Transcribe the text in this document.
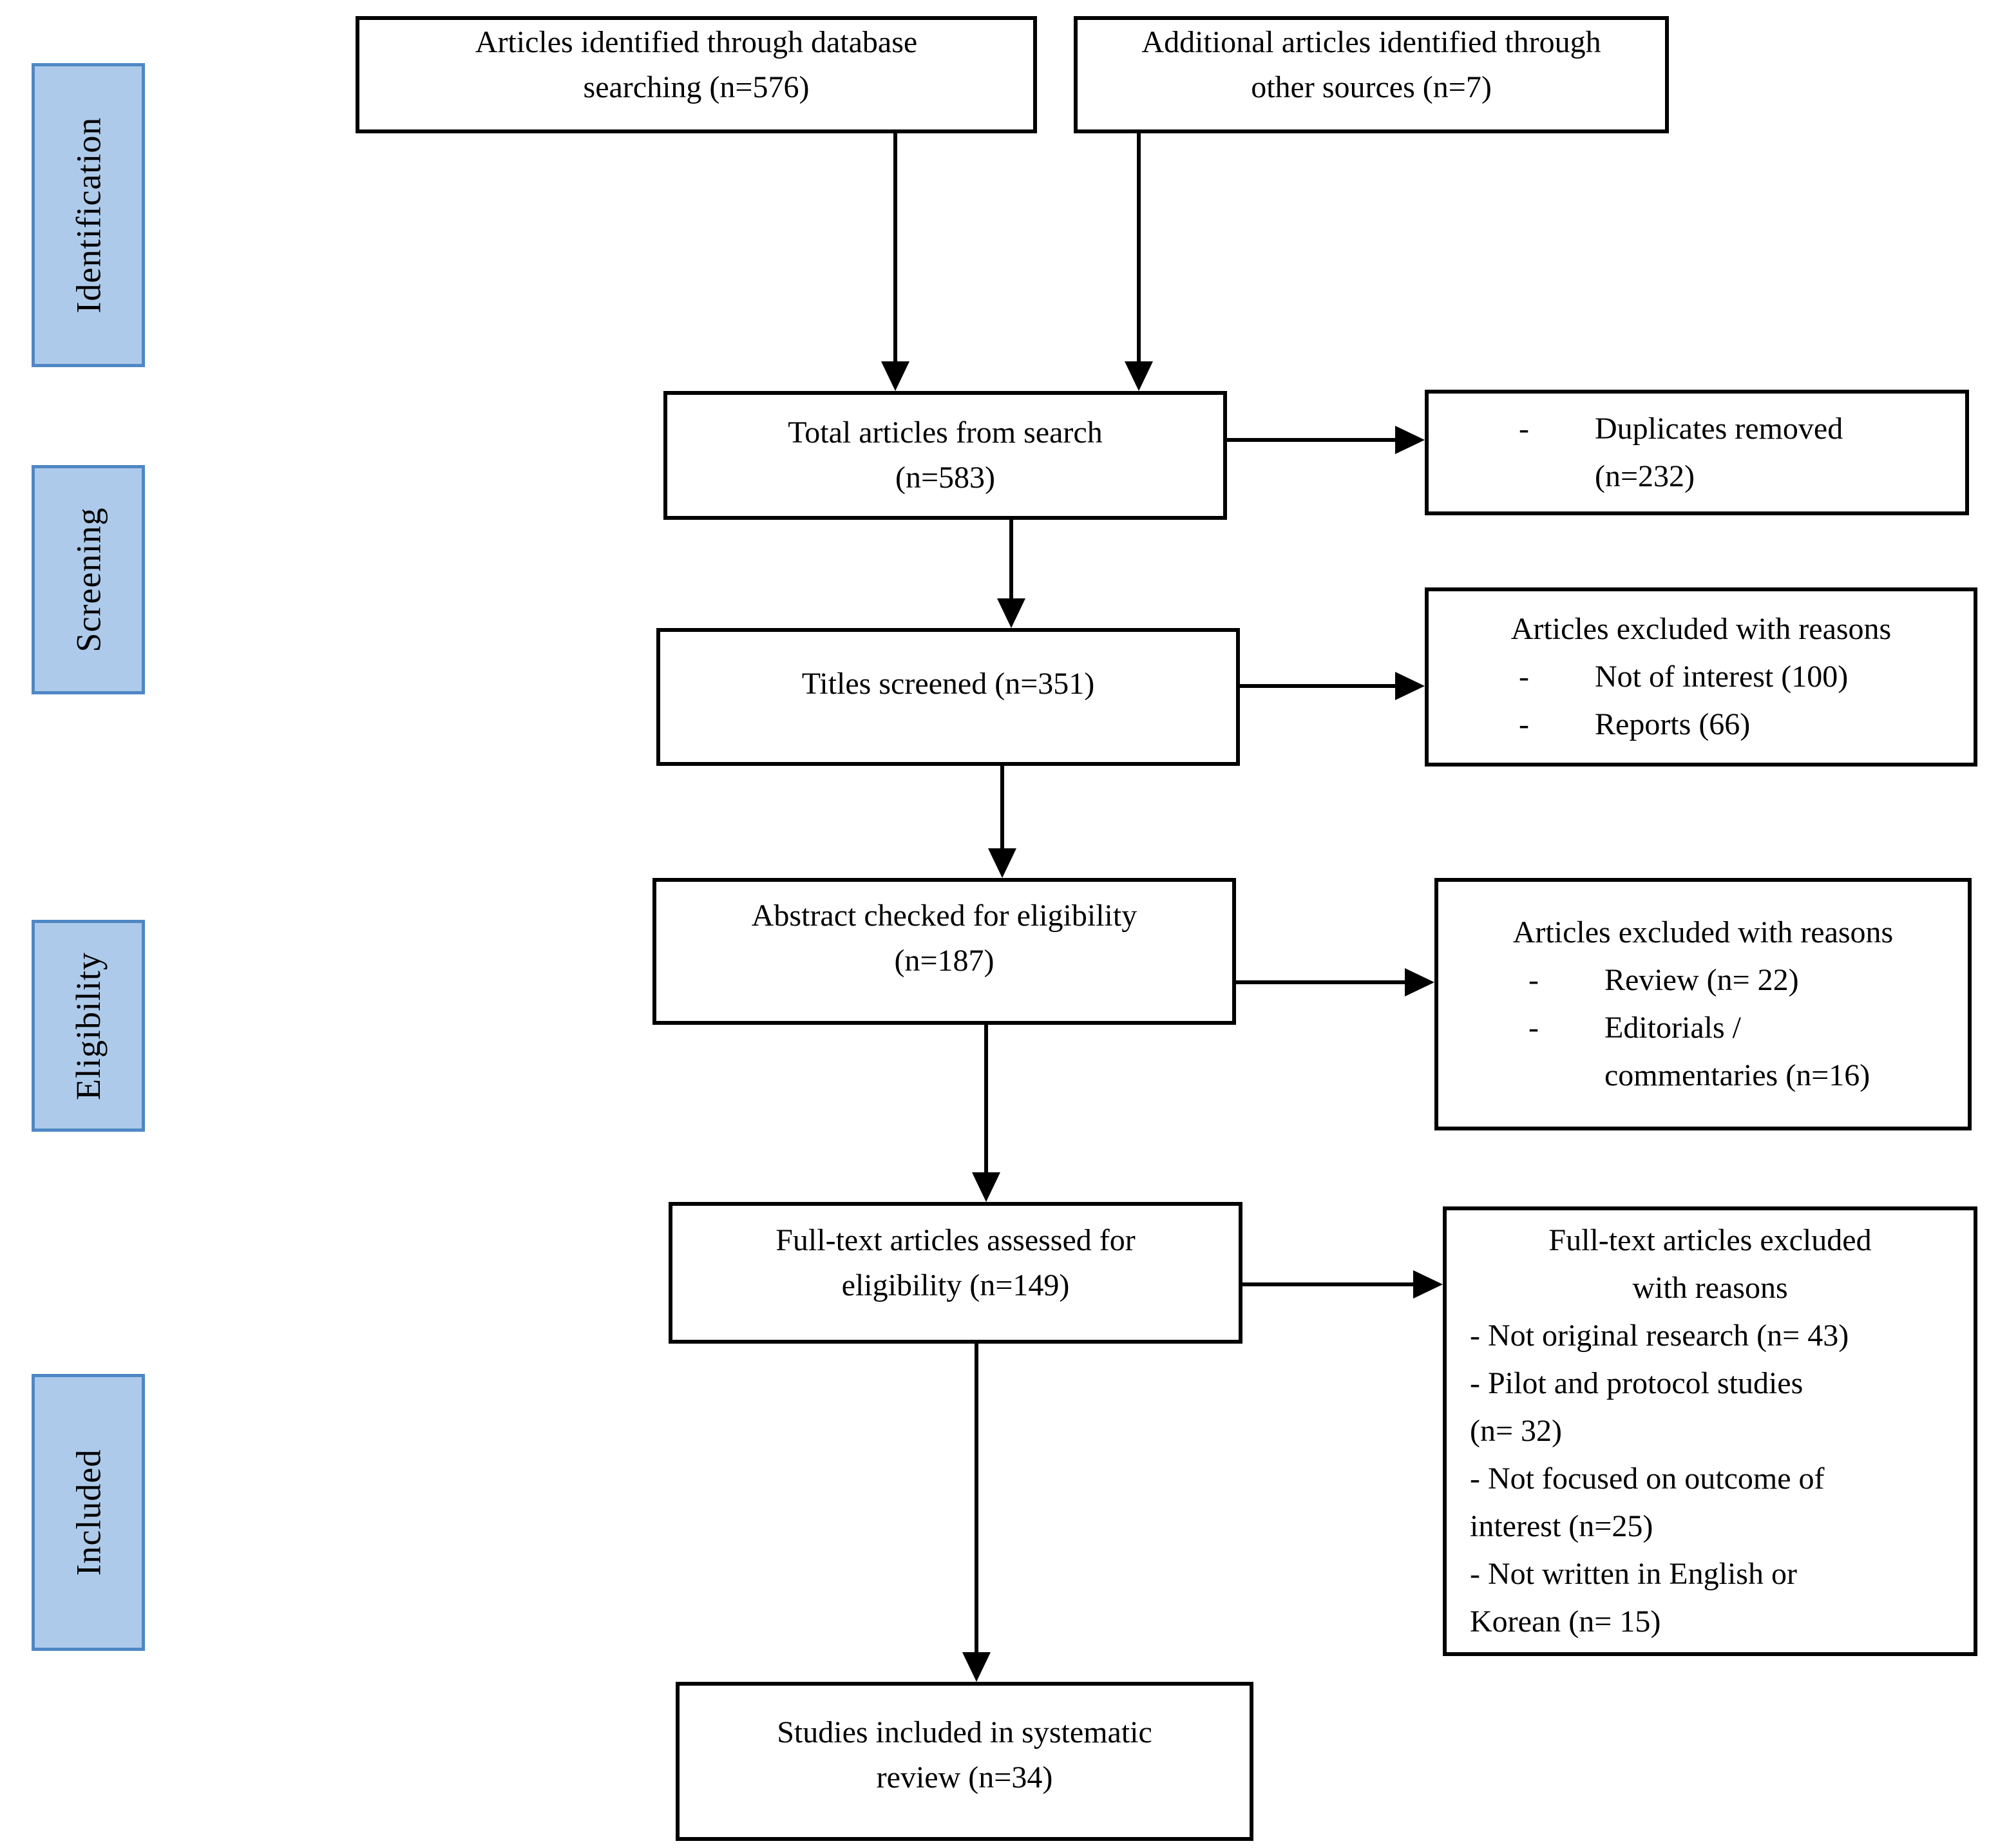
Identification
Screening
Eligibility
Included
Articles identified through database
searching (n=576)
Additional articles identified through
other sources (n=7)
Total articles from search
(n=583)
Titles screened (n=351)
Abstract checked for eligibility
(n=187)
Full-text articles assessed for
eligibility (n=149)
Studies included in systematic
review (n=34)
-	Duplicates removed
(n=232)
Articles excluded with reasons
-	Not of interest (100)
-	Reports (66)
Articles excluded with reasons
-	Review (n= 22)
-	Editorials /
commentaries (n=16)
Full-text articles excluded
with reasons
- Not original research (n= 43)
- Pilot and protocol studies
(n= 32)
- Not focused on outcome of
interest (n=25)
- Not written in English or
Korean (n= 15)
